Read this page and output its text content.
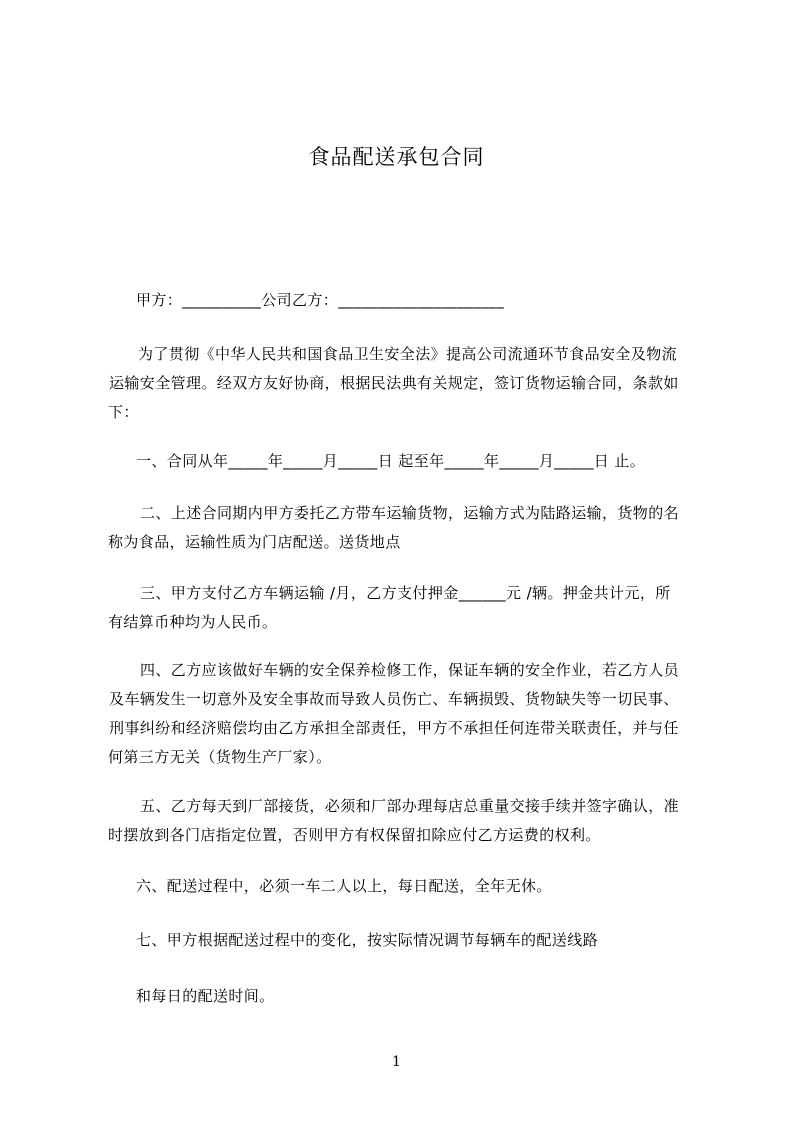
食品配送承包合同
甲方：__________公司乙方：_____________________
为了贯彻《中华人民共和国食品卫生安全法》提高公司流通环节食品安全及物流
运输安全管理。经双方友好协商，根据民法典有关规定，签订货物运输合同，条款如
下：
一、合同从年_____年_____月_____日 起至年_____年_____月_____日 止。
二、上述合同期内甲方委托乙方带车运输货物，运输方式为陆路运输，货物的名
称为食品，运输性质为门店配送。送货地点
三、甲方支付乙方车辆运输 /月，乙方支付押金______元 /辆。押金共计元，所
有结算币种均为人民币。
四、乙方应该做好车辆的安全保养检修工作，保证车辆的安全作业，若乙方人员
及车辆发生一切意外及安全事故而导致人员伤亡、车辆损毁、货物缺失等一切民事、
刑事纠纷和经济赔偿均由乙方承担全部责任，甲方不承担任何连带关联责任，并与任
何第三方无关（货物生产厂家）。
五、乙方每天到厂部接货，必须和厂部办理每店总重量交接手续并签字确认，准
时摆放到各门店指定位置，否则甲方有权保留扣除应付乙方运费的权利。
六、配送过程中，必须一车二人以上，每日配送，全年无休。
七、甲方根据配送过程中的变化，按实际情况调节每辆车的配送线路
和每日的配送时间。
1
